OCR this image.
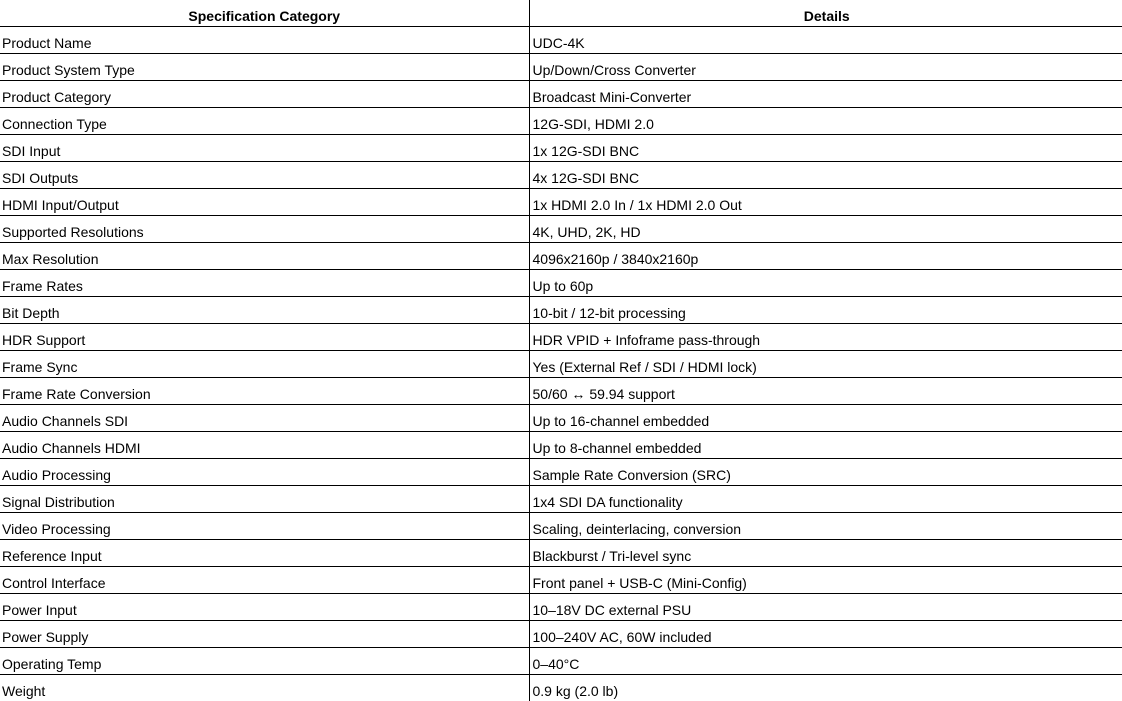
Specification Category	Details
Product Name	UDC-4K
Product System Type	Up/Down/Cross Converter
Product Category	Broadcast Mini-Converter
Connection Type	12G-SDI, HDMI 2.0
SDI Input	1x 12G-SDI BNC
SDI Outputs	4x 12G-SDI BNC
HDMI Input/Output	1x HDMI 2.0 In / 1x HDMI 2.0 Out
Supported Resolutions	4K, UHD, 2K, HD
Max Resolution	4096x2160p / 3840x2160p
Frame Rates	Up to 60p
Bit Depth	10-bit / 12-bit processing
HDR Support	HDR VPID + Infoframe pass-through
Frame Sync	Yes (External Ref / SDI / HDMI lock)
Frame Rate Conversion	50/60 ↔ 59.94 support
Audio Channels SDI	Up to 16-channel embedded
Audio Channels HDMI	Up to 8-channel embedded
Audio Processing	Sample Rate Conversion (SRC)
Signal Distribution	1x4 SDI DA functionality
Video Processing	Scaling, deinterlacing, conversion
Reference Input	Blackburst / Tri-level sync
Control Interface	Front panel + USB-C (Mini-Config)
Power Input	10–18V DC external PSU
Power Supply	100–240V AC, 60W included
Operating Temp	0–40°C
Weight	0.9 kg (2.0 lb)
